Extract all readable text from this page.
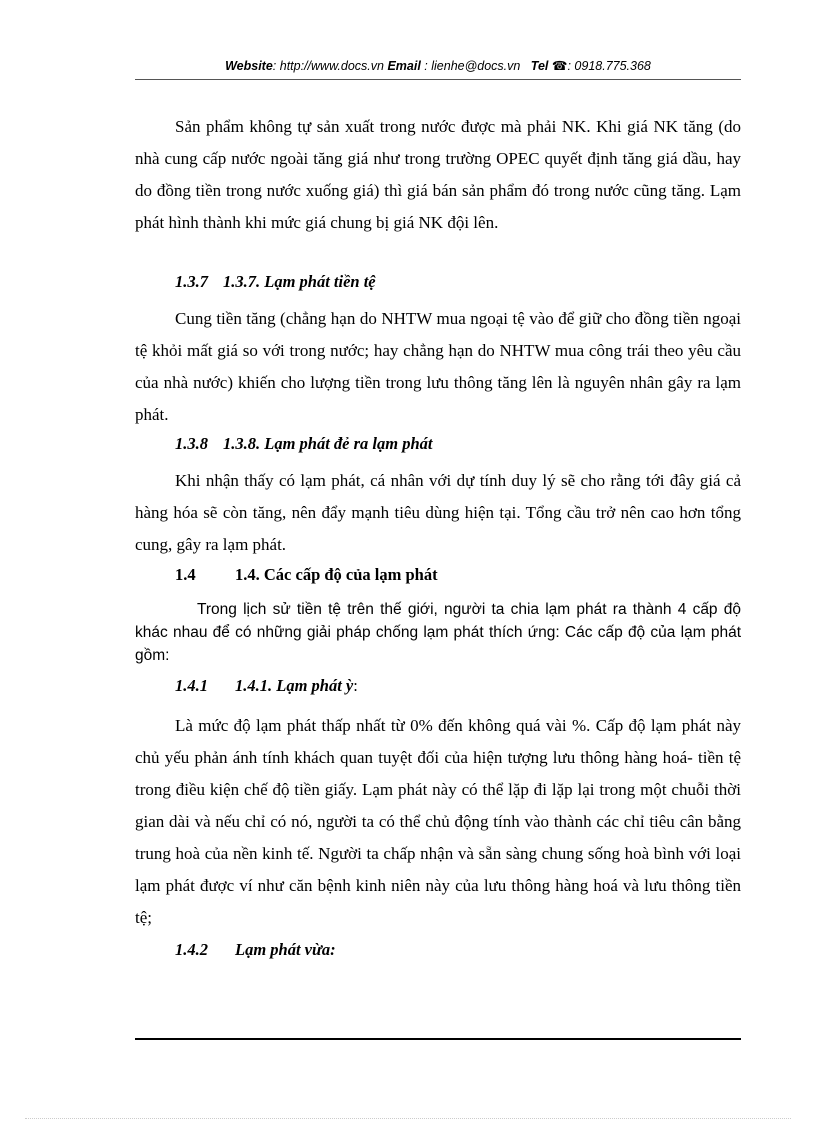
Website: http://www.docs.vn Email : lienhe@docs.vn Tel ☎: 0918.775.368

Sản phẩm không tự sản xuất trong nước được mà phải NK. Khi giá NK tăng (do nhà cung cấp nước ngoài tăng giá như trong trường OPEC quyết định tăng giá dầu, hay do đồng tiền trong nước xuống giá) thì giá bán sản phẩm đó trong nước cũng tăng. Lạm phát hình thành khi mức giá chung bị giá NK đội lên.

1.3.7 1.3.7. Lạm phát tiền tệ

Cung tiền tăng (chẳng hạn do NHTW mua ngoại tệ vào để giữ cho đồng tiền ngoại tệ khỏi mất giá so với trong nước; hay chẳng hạn do NHTW mua công trái theo yêu cầu của nhà nước) khiến cho lượng tiền trong lưu thông tăng lên là nguyên nhân gây ra lạm phát.

1.3.8 1.3.8. Lạm phát đẻ ra lạm phát

Khi nhận thấy có lạm phát, cá nhân với dự tính duy lý sẽ cho rằng tới đây giá cả hàng hóa sẽ còn tăng, nên đẩy mạnh tiêu dùng hiện tại. Tổng cầu trở nên cao hơn tổng cung, gây ra lạm phát.

1.4 1.4. Các cấp độ của lạm phát

Trong lịch sử tiền tệ trên thế giới, người ta chia lạm phát ra thành 4 cấp độ khác nhau để có những giải pháp chống lạm phát thích ứng: Các cấp độ của lạm phát gồm:

1.4.1 1.4.1. Lạm phát ỳ:

Là mức độ lạm phát thấp nhất từ 0% đến không quá vài %. Cấp độ lạm phát này chủ yếu phản ánh tính khách quan tuyệt đối của hiện tượng lưu thông hàng hoá- tiền tệ trong điều kiện chế độ tiền giấy. Lạm phát này có thể lặp đi lặp lại trong một chuỗi thời gian dài và nếu chỉ có nó, người ta có thể chủ động tính vào thành các chỉ tiêu cân bằng trung hoà của nền kinh tế. Người ta chấp nhận và sẵn sàng chung sống hoà bình với loại lạm phát được ví như căn bệnh kinh niên này của lưu thông hàng hoá và lưu thông tiền tệ;

1.4.2 Lạm phát vừa:
